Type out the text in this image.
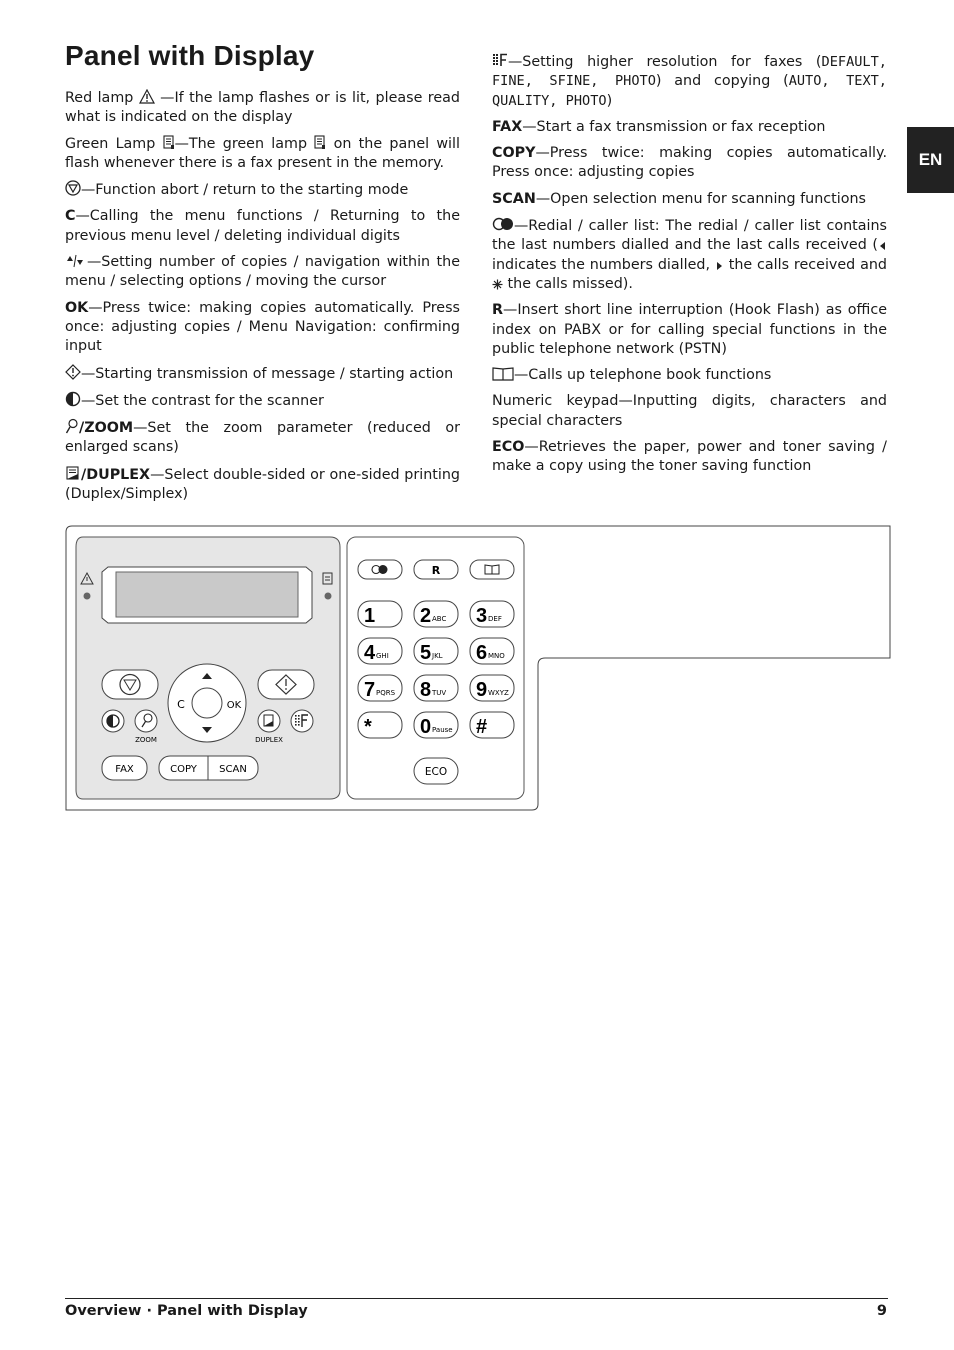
Panel with Display
EN

Red lamp  —If the lamp flashes or is lit, please read what is indicated on the display

Green Lamp —The green lamp  on the panel will flash whenever there is a fax present in the memory.

—Function abort / return to the starting mode

C—Calling the menu functions / Returning to the previous menu level / deleting individual digits

—Setting number of copies / navigation within the menu / selecting options / moving the cursor

OK—Press twice: making copies automatically. Press once: adjusting copies / Menu Navigation: confirming input

—Starting transmission of message / starting action

—Set the contrast for the scanner

/ZOOM—Set the zoom parameter (reduced or enlarged scans)

/DUPLEX—Select double-sided or one-sided printing (Duplex/Simplex)

—Setting higher resolution for faxes (DEFAULT, FINE, SFINE, PHOTO) and copying (AUTO, TEXT, QUALITY, PHOTO)

FAX—Start a fax transmission or fax reception

COPY—Press twice: making copies automatically. Press once: adjusting copies

SCAN—Open selection menu for scanning functions

—Redial / caller list: The redial / caller list contains the last numbers dialled and the last calls received ( indicates the numbers dialled,  the calls received and  the calls missed).

R—Insert short line interruption (Hook Flash) as office index on PABX or for calling special functions in the public telephone network (PSTN)

—Calls up telephone book functions

Numeric keypad—Inputting digits, characters and special characters

ECO—Retrieves the paper, power and toner saving / make a copy using the toner saving function

C	OK
ZOOM	DUPLEX
FAX	COPY SCAN
R
1 2 ABC 3 DEF
4 GHI 5 JKL 6 MNO
7 PQRS 8 TUV 9 WXYZ
* 0 Pause #
ECO
Overview · Panel with Display	9
